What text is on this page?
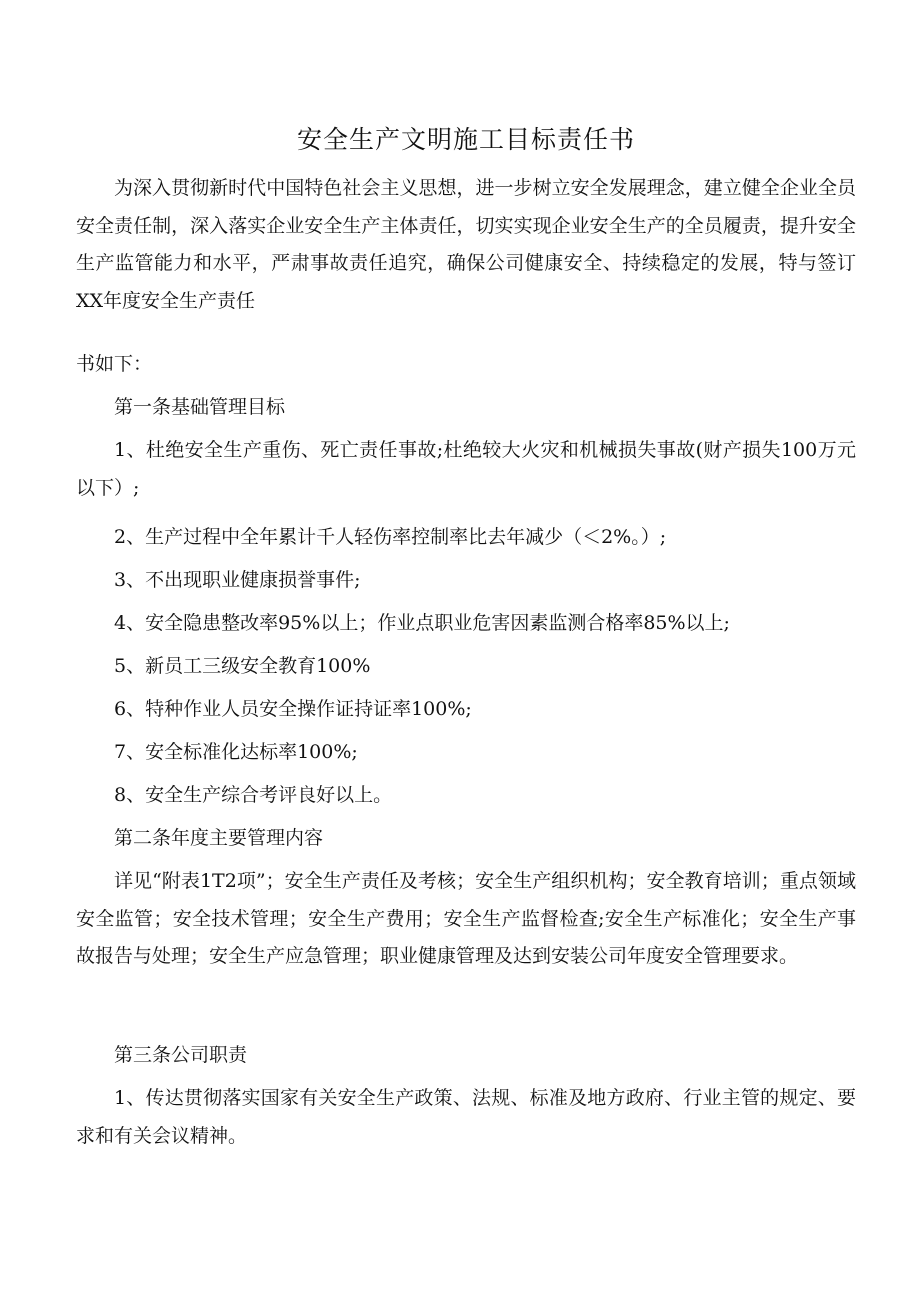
安全生产文明施工目标责任书

为深入贯彻新时代中国特色社会主义思想，进一步树立安全发展理念，建立健全企业全员安全责任制，深入落实企业安全生产主体责任，切实实现企业安全生产的全员履责，提升安全生产监管能力和水平，严肃事故责任追究，确保公司健康安全、持续稳定的发展，特与签订XX年度安全生产责任

书如下：

第一条基础管理目标

1、杜绝安全生产重伤、死亡责任事故;杜绝较大火灾和机械损失事故(财产损失100万元以下）;

2、生产过程中全年累计千人轻伤率控制率比去年减少（＜2%。）;

3、不出现职业健康损誉事件;

4、安全隐患整改率95%以上；作业点职业危害因素监测合格率85%以上;

5、新员工三级安全教育100%

6、特种作业人员安全操作证持证率100%;

7、安全标准化达标率100%;

8、安全生产综合考评良好以上。

第二条年度主要管理内容

详见“附表1T2项”；安全生产责任及考核；安全生产组织机构；安全教育培训；重点领域安全监管；安全技术管理；安全生产费用；安全生产监督检查;安全生产标准化；安全生产事故报告与处理；安全生产应急管理；职业健康管理及达到安装公司年度安全管理要求。

第三条公司职责

1、传达贯彻落实国家有关安全生产政策、法规、标准及地方政府、行业主管的规定、要求和有关会议精神。
